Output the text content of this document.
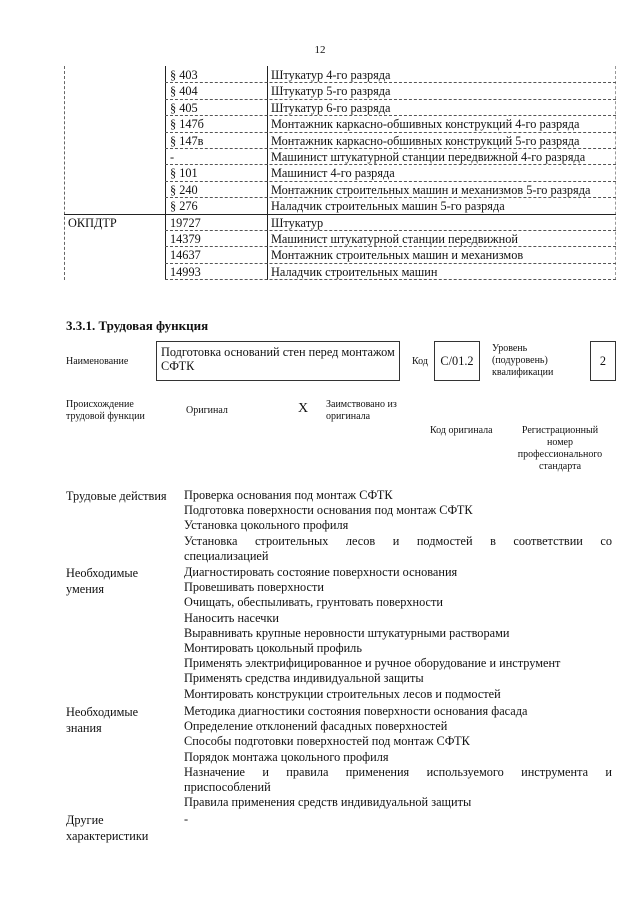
12
§ 403	Штукатур 4-го разряда
§ 404	Штукатур 5-го разряда
§ 405	Штукатур 6-го разряда
§ 147б	Монтажник каркасно-обшивных конструкций 4-го разряда
§ 147в	Монтажник каркасно-обшивных конструкций 5-го разряда
-	Машинист штукатурной станции передвижной 4-го разряда
§ 101	Машинист 4-го разряда
§ 240	Монтажник строительных машин и механизмов 5-го разряда
§ 276	Наладчик строительных машин 5-го разряда
ОКПДТР	19727	Штукатур
14379	Машинист штукатурной станции передвижной
14637	Монтажник строительных машин и механизмов
14993	Наладчик строительных машин
3.3.1. Трудовая функция
Наименование
Подготовка оснований стен перед монтажом СФТК	Код	C/01.2
Уровень (подуровень) квалификации
2
Происхождение трудовой функции
Оригинал	X Заимствовано из оригинала
Код оригинала	Регистрационный номер профессионального стандарта
Трудовые действия Проверка основания под монтаж СФТК
Подготовка поверхности основания под монтаж СФТК
Установка цокольного профиля
Установка строительных лесов и подмостей в соответствии со
специализацией
Необходимые
умения
Диагностировать состояние поверхности основания
Провешивать поверхности
Очищать, обеспыливать, грунтовать поверхности
Наносить насечки
Выравнивать крупные неровности штукатурными растворами
Монтировать цокольный профиль
Применять электрифицированное и ручное оборудование и инструмент
Применять средства индивидуальной защиты
Монтировать конструкции строительных лесов и подмостей
Необходимые
знания
Методика диагностики состояния поверхности основания фасада
Определение отклонений фасадных поверхностей
Способы подготовки поверхностей под монтаж СФТК
Порядок монтажа цокольного профиля
Назначение и правила применения используемого инструмента и
приспособлений
Правила применения средств индивидуальной защиты
Другие
характеристики
-
